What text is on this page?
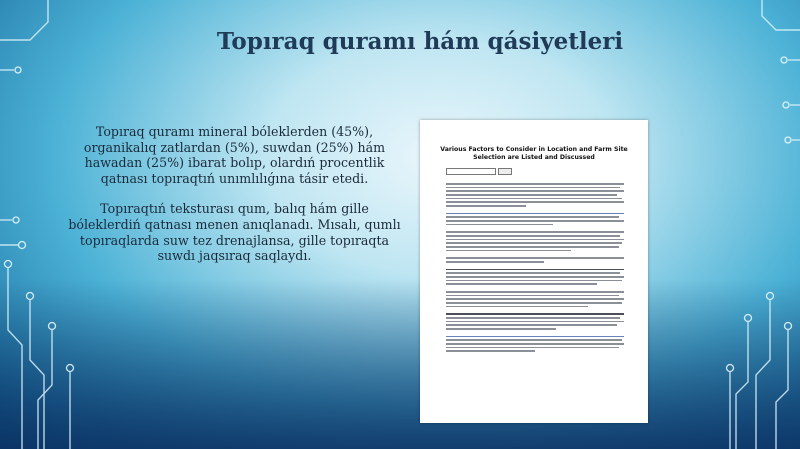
Topıraq quramı hám qásiyetleri

Topıraq quramı mineral bóleklerden (45%), organikalıq zatlardan (5%), suwdan (25%) hám hawadan (25%) ibarat bolıp, olardıń procentlik qatnası topıraqtıń unımlılıǵına tásir etedi.

Topıraqtıń teksturası qum, balıq hám gille bóleklerdiń qatnası menen anıqlanadı. Mısalı, qumlı topıraqlarda suw tez drenajlansa, gille topıraqta suwdı jaqsıraq saqlaydı.

Various Factors to Consider in Location and Farm Site Selection are Listed and Discussed
